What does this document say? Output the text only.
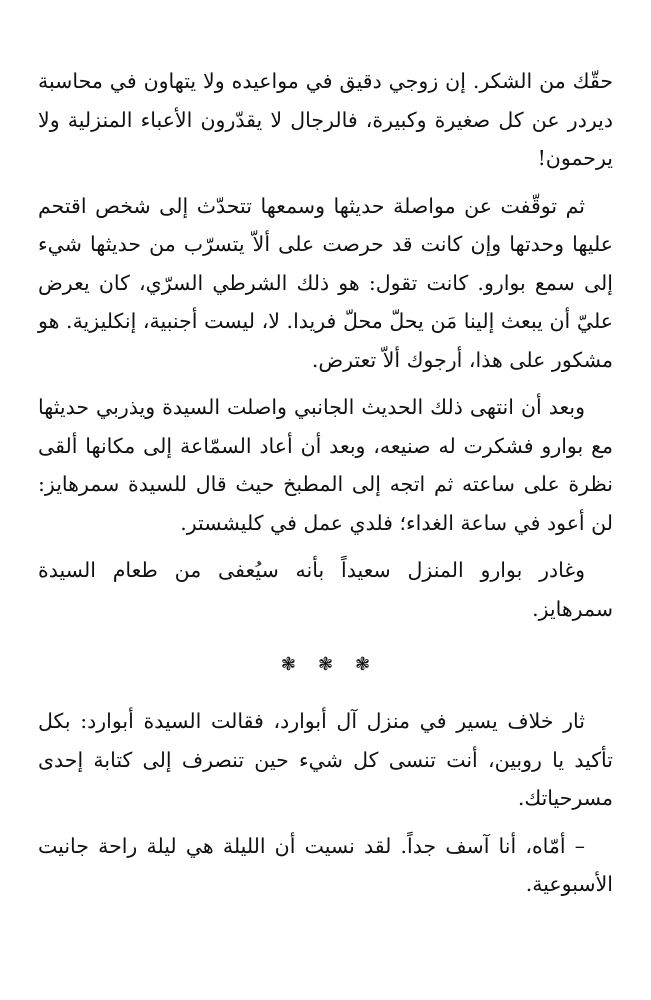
حقّك من الشكر. إن زوجي دقيق في مواعيده ولا يتهاون في محاسبة ديردر عن كل صغيرة وكبيرة، فالرجال لا يقدّرون الأعباء المنزلية ولا يرحمون!

ثم توقّفت عن مواصلة حديثها وسمعها تتحدّث إلى شخص اقتحم عليها وحدتها وإن كانت قد حرصت على ألاّ يتسرّب من حديثها شيء إلى سمع بوارو. كانت تقول: هو ذلك الشرطي السرّي، كان يعرض عليّ أن يبعث إلينا مَن يحلّ محلّ فريدا. لا، ليست أجنبية، إنكليزية. هو مشكور على هذا، أرجوك ألاّ تعترض.

وبعد أن انتهى ذلك الحديث الجانبي واصلت السيدة ويذربي حديثها مع بوارو فشكرت له صنيعه، وبعد أن أعاد السمّاعة إلى مكانها ألقى نظرة على ساعته ثم اتجه إلى المطبخ حيث قال للسيدة سمرهايز: لن أعود في ساعة الغداء؛ فلدي عمل في كليشستر.

وغادر بوارو المنزل سعيداً بأنه سيُعفى من طعام السيدة سمرهايز.

❃ ❃ ❃

ثار خلاف يسير في منزل آل أبوارد، فقالت السيدة أبوارد: بكل تأكيد يا روبين، أنت تنسى كل شيء حين تنصرف إلى كتابة إحدى مسرحياتك.

– أمّاه، أنا آسف جداً. لقد نسيت أن الليلة هي ليلة راحة جانيت الأسبوعية.
